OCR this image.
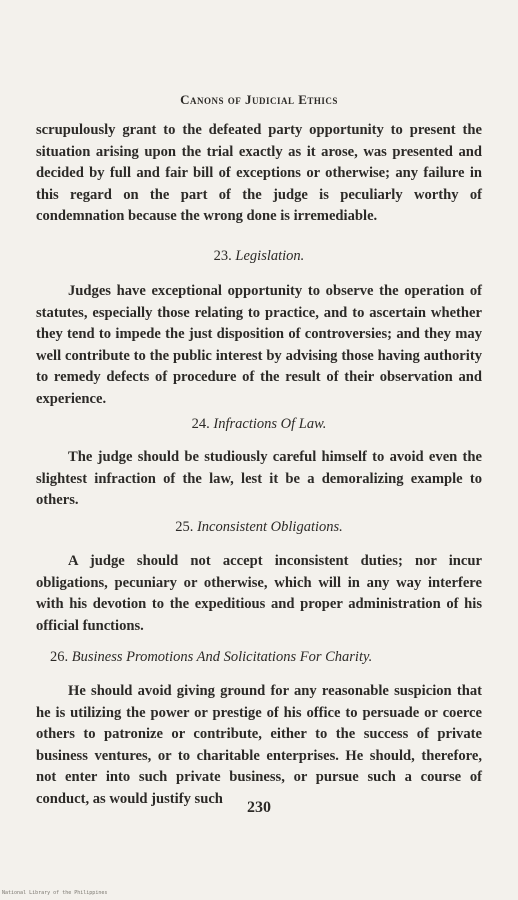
Canons of Judicial Ethics
scrupulously grant to the defeated party opportunity to present the situation arising upon the trial exactly as it arose, was presented and decided by full and fair bill of exceptions or otherwise; any failure in this regard on the part of the judge is peculiarly worthy of condemnation because the wrong done is irremediable.
23. Legislation.
Judges have exceptional opportunity to observe the operation of statutes, especially those relating to practice, and to ascertain whether they tend to impede the just disposition of controversies; and they may well contribute to the public interest by advising those having authority to remedy defects of procedure of the result of their observation and experience.
24. Infractions Of Law.
The judge should be studiously careful himself to avoid even the slightest infraction of the law, lest it be a demoralizing example to others.
25. Inconsistent Obligations.
A judge should not accept inconsistent duties; nor incur obligations, pecuniary or otherwise, which will in any way interfere with his devotion to the expeditious and proper administration of his official functions.
26. Business Promotions And Solicitations For Charity.
He should avoid giving ground for any reasonable suspicion that he is utilizing the power or prestige of his office to persuade or coerce others to patronize or contribute, either to the success of private business ventures, or to charitable enterprises. He should, therefore, not enter into such private business, or pursue such a course of conduct, as would justify such
230
National Library of the Philippines
